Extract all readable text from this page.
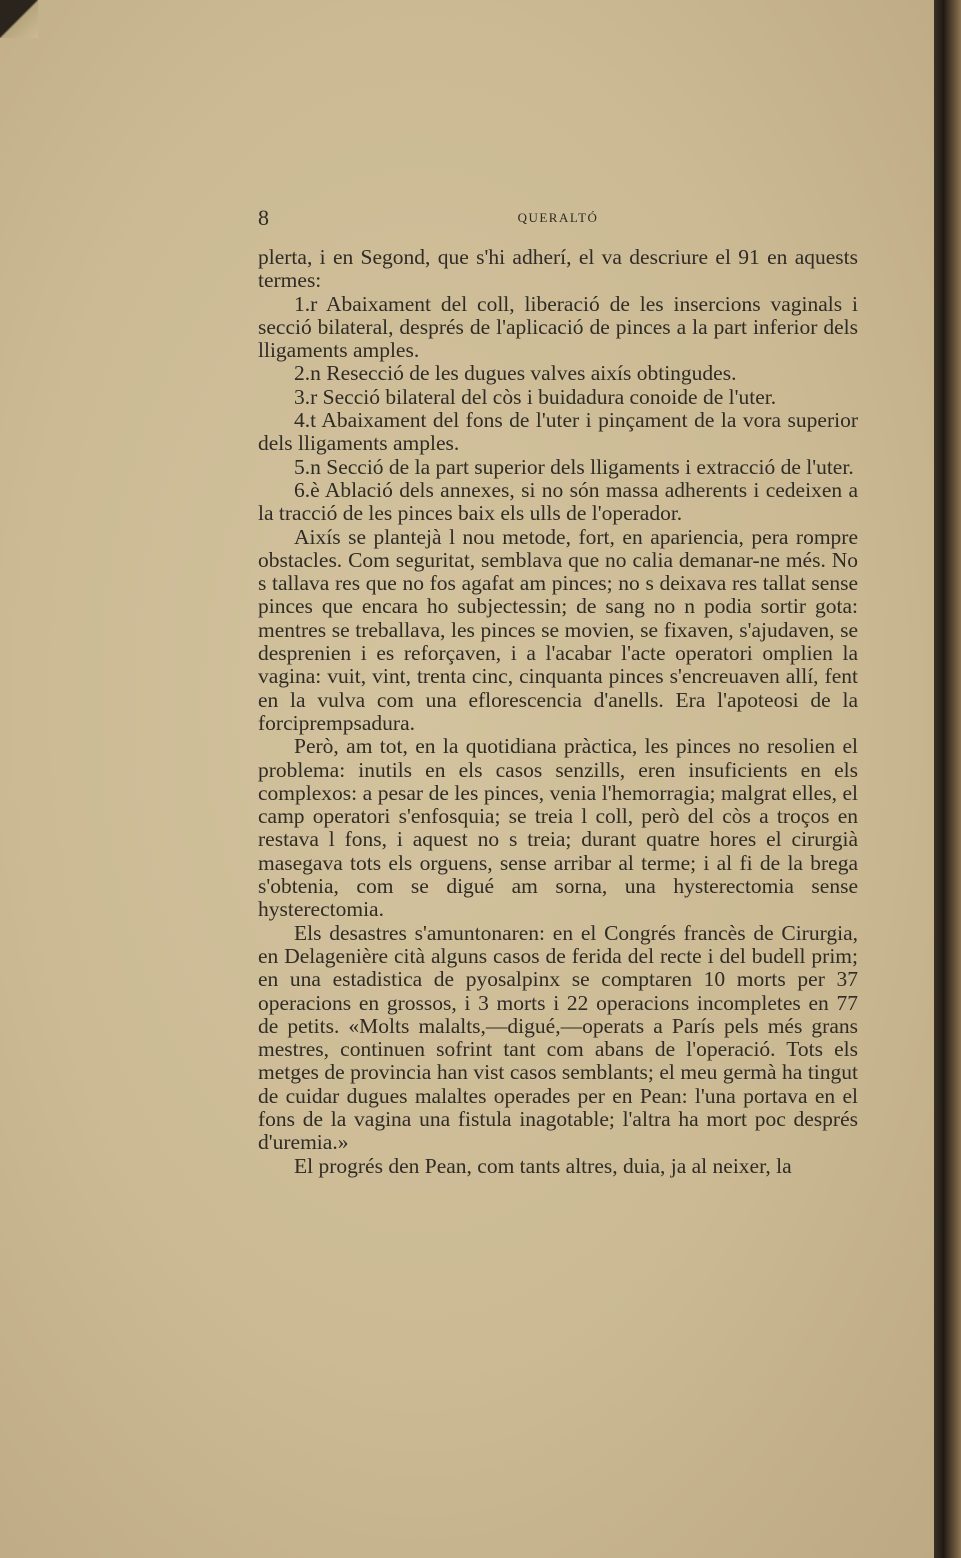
8	QUERALTÓ

plerta, i en Segond, que s'hi adherí, el va descriure el 91 en aquests termes:

1.r Abaixament del coll, liberació de les insercions vaginals i secció bilateral, després de l'aplicació de pinces a la part inferior dels lligaments amples.

2.n Resecció de les dugues valves aixís obtingudes.

3.r Secció bilateral del còs i buidadura conoide de l'uter.

4.t Abaixament del fons de l'uter i pinçament de la vora superior dels lligaments amples.

5.n Secció de la part superior dels lligaments i extracció de l'uter.

6.è Ablació dels annexes, si no són massa adherents i cedeixen a la tracció de les pinces baix els ulls de l'operador.

Aixís se plantejà l nou metode, fort, en apariencia, pera rompre obstacles. Com seguritat, semblava que no calia demanar-ne més. No s tallava res que no fos agafat am pinces; no s deixava res tallat sense pinces que encara ho subjectessin; de sang no n podia sortir gota: mentres se treballava, les pinces se movien, se fixaven, s'ajudaven, se desprenien i es reforçaven, i a l'acabar l'acte operatori omplien la vagina: vuit, vint, trenta cinc, cinquanta pinces s'encreuaven allí, fent en la vulva com una eflorescencia d'anells. Era l'apoteosi de la forciprempsadura.

Però, am tot, en la quotidiana pràctica, les pinces no resolien el problema: inutils en els casos senzills, eren insuficients en els complexos: a pesar de les pinces, venia l'hemorragia; malgrat elles, el camp operatori s'enfosquia; se treia l coll, però del còs a troços en restava l fons, i aquest no s treia; durant quatre hores el cirurgià masegava tots els orguens, sense arribar al terme; i al fi de la brega s'obtenia, com se digué am sorna, una hysterectomia sense hysterectomia.

Els desastres s'amuntonaren: en el Congrés francès de Cirurgia, en Delagenière cità alguns casos de ferida del recte i del budell prim; en una estadistica de pyosalpinx se comptaren 10 morts per 37 operacions en grossos, i 3 morts i 22 operacions incompletes en 77 de petits. «Molts malalts,—digué,—operats a París pels més grans mestres, continuen sofrint tant com abans de l'operació. Tots els metges de provincia han vist casos semblants; el meu germà ha tingut de cuidar dugues malaltes operades per en Pean: l'una portava en el fons de la vagina una fistula inagotable; l'altra ha mort poc després d'uremia.»

El progrés den Pean, com tants altres, duia, ja al neixer, la
